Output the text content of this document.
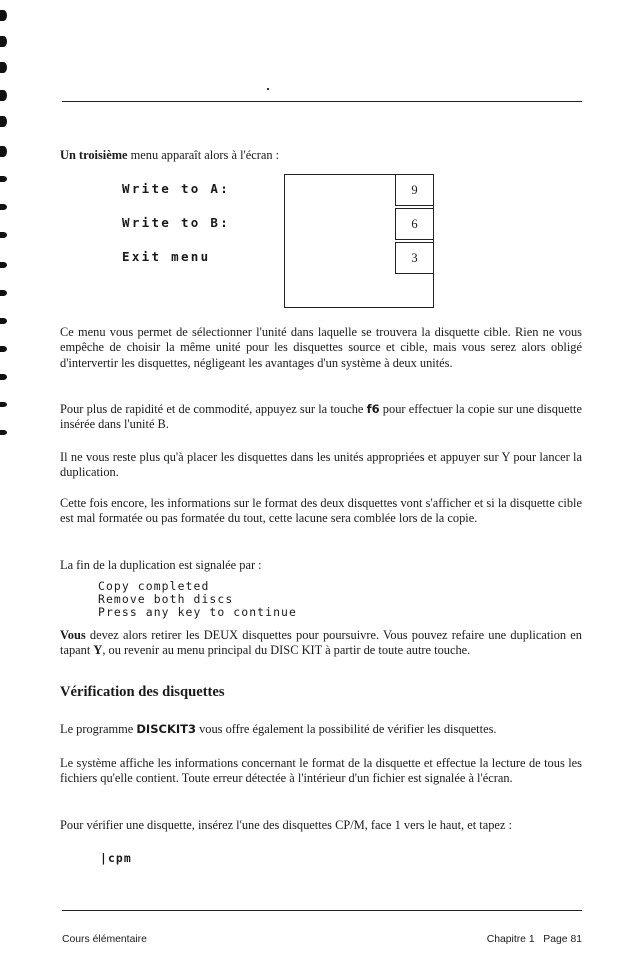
Un troisième menu apparaît alors à l'écran :
Write to A:
Write to B:
Exit menu
9
6
3
Ce menu vous permet de sélectionner l'unité dans laquelle se trouvera la disquette cible. Rien ne vous empêche de choisir la même unité pour les disquettes source et cible, mais vous serez alors obligé d'intervertir les disquettes, négligeant les avantages d'un système à deux unités.
Pour plus de rapidité et de commodité, appuyez sur la touche f6 pour effectuer la copie sur une disquette insérée dans l'unité B.
Il ne vous reste plus qu'à placer les disquettes dans les unités appropriées et appuyer sur Y pour lancer la duplication.
Cette fois encore, les informations sur le format des deux disquettes vont s'afficher et si la disquette cible est mal formatée ou pas formatée du tout, cette lacune sera comblée lors de la copie.
La fin de la duplication est signalée par :
Copy completed
Remove both discs
Press any key to continue
Vous devez alors retirer les DEUX disquettes pour poursuivre. Vous pouvez refaire une duplication en tapant Y, ou revenir au menu principal du DISC KIT à partir de toute autre touche.
Vérification des disquettes
Le programme DISCKIT3 vous offre également la possibilité de vérifier les disquettes.
Le système affiche les informations concernant le format de la disquette et effectue la lecture de tous les fichiers qu'elle contient. Toute erreur détectée à l'intérieur d'un fichier est signalée à l'écran.
Pour vérifier une disquette, insérez l'une des disquettes CP/M, face 1 vers le haut, et tapez :
|cpm
Cours élémentaire	Chapitre 1   Page 81
